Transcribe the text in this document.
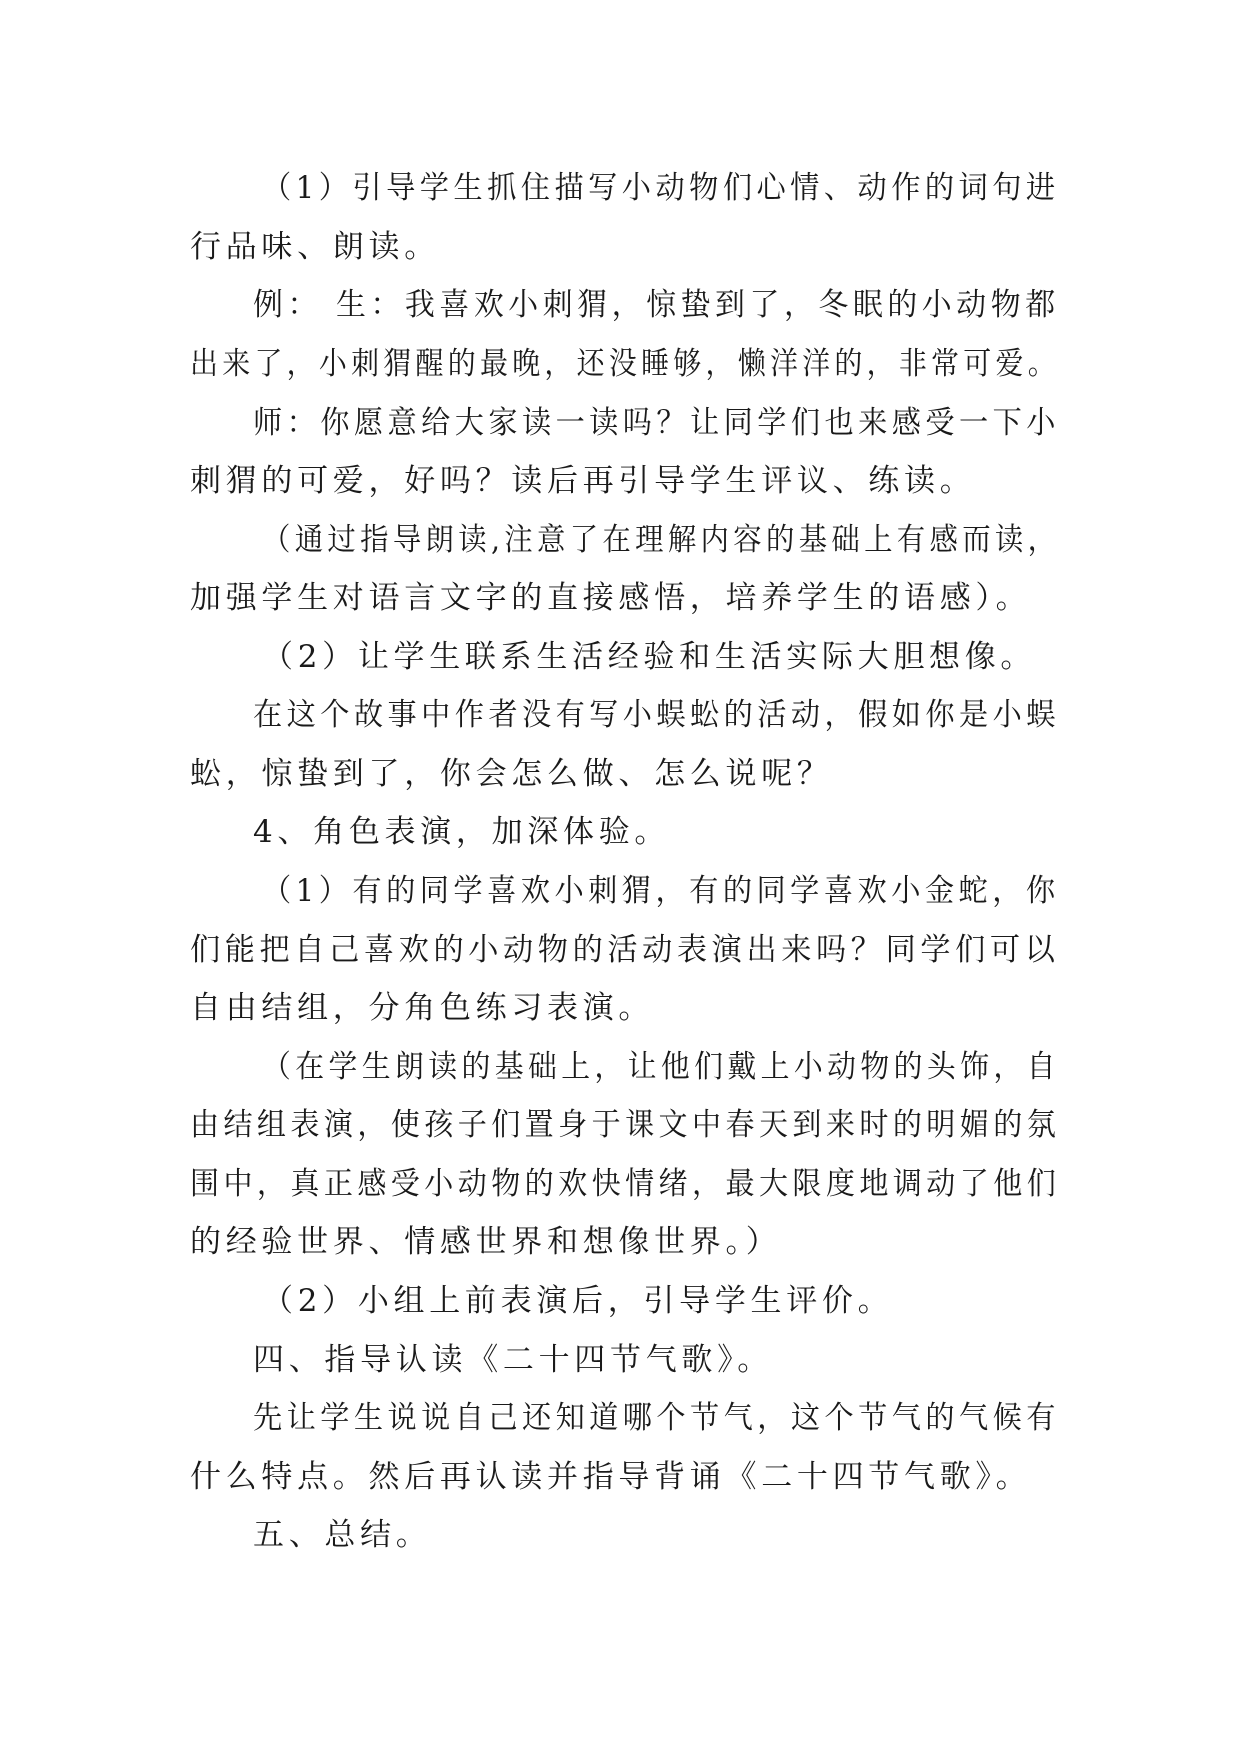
（1）引导学生抓住描写小动物们心情、动作的词句进
行品味、朗读。
例： 生：我喜欢小刺猬，惊蛰到了，冬眠的小动物都
出来了，小刺猬醒的最晚，还没睡够，懒洋洋的，非常可爱。
师：你愿意给大家读一读吗？让同学们也来感受一下小
刺猬的可爱，好吗？读后再引导学生评议、练读。
（通过指导朗读,注意了在理解内容的基础上有感而读，
加强学生对语言文字的直接感悟，培养学生的语感）。
（2）让学生联系生活经验和生活实际大胆想像。
在这个故事中作者没有写小蜈蚣的活动，假如你是小蜈
蚣，惊蛰到了，你会怎么做、怎么说呢？
4、角色表演，加深体验。
（1）有的同学喜欢小刺猬，有的同学喜欢小金蛇，你
们能把自己喜欢的小动物的活动表演出来吗？同学们可以
自由结组，分角色练习表演。
（在学生朗读的基础上，让他们戴上小动物的头饰，自
由结组表演，使孩子们置身于课文中春天到来时的明媚的氛
围中，真正感受小动物的欢快情绪，最大限度地调动了他们
的经验世界、情感世界和想像世界。）
（2）小组上前表演后，引导学生评价。
四、指导认读《二十四节气歌》。
先让学生说说自己还知道哪个节气，这个节气的气候有
什么特点。然后再认读并指导背诵《二十四节气歌》。
五、总结。
